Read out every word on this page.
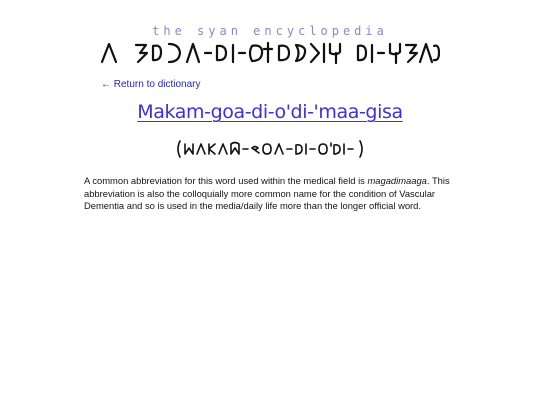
the syan encyclopedia
← Return to dictionary
Makam-goa-di-o'di-'maa-gisa

A common abbreviation for this word used within the medical field is magadimaaga. This abbreviation is also the colloquially more common name for the condition of Vascular Dementia and so is used in the media/daily life more than the longer official word.
